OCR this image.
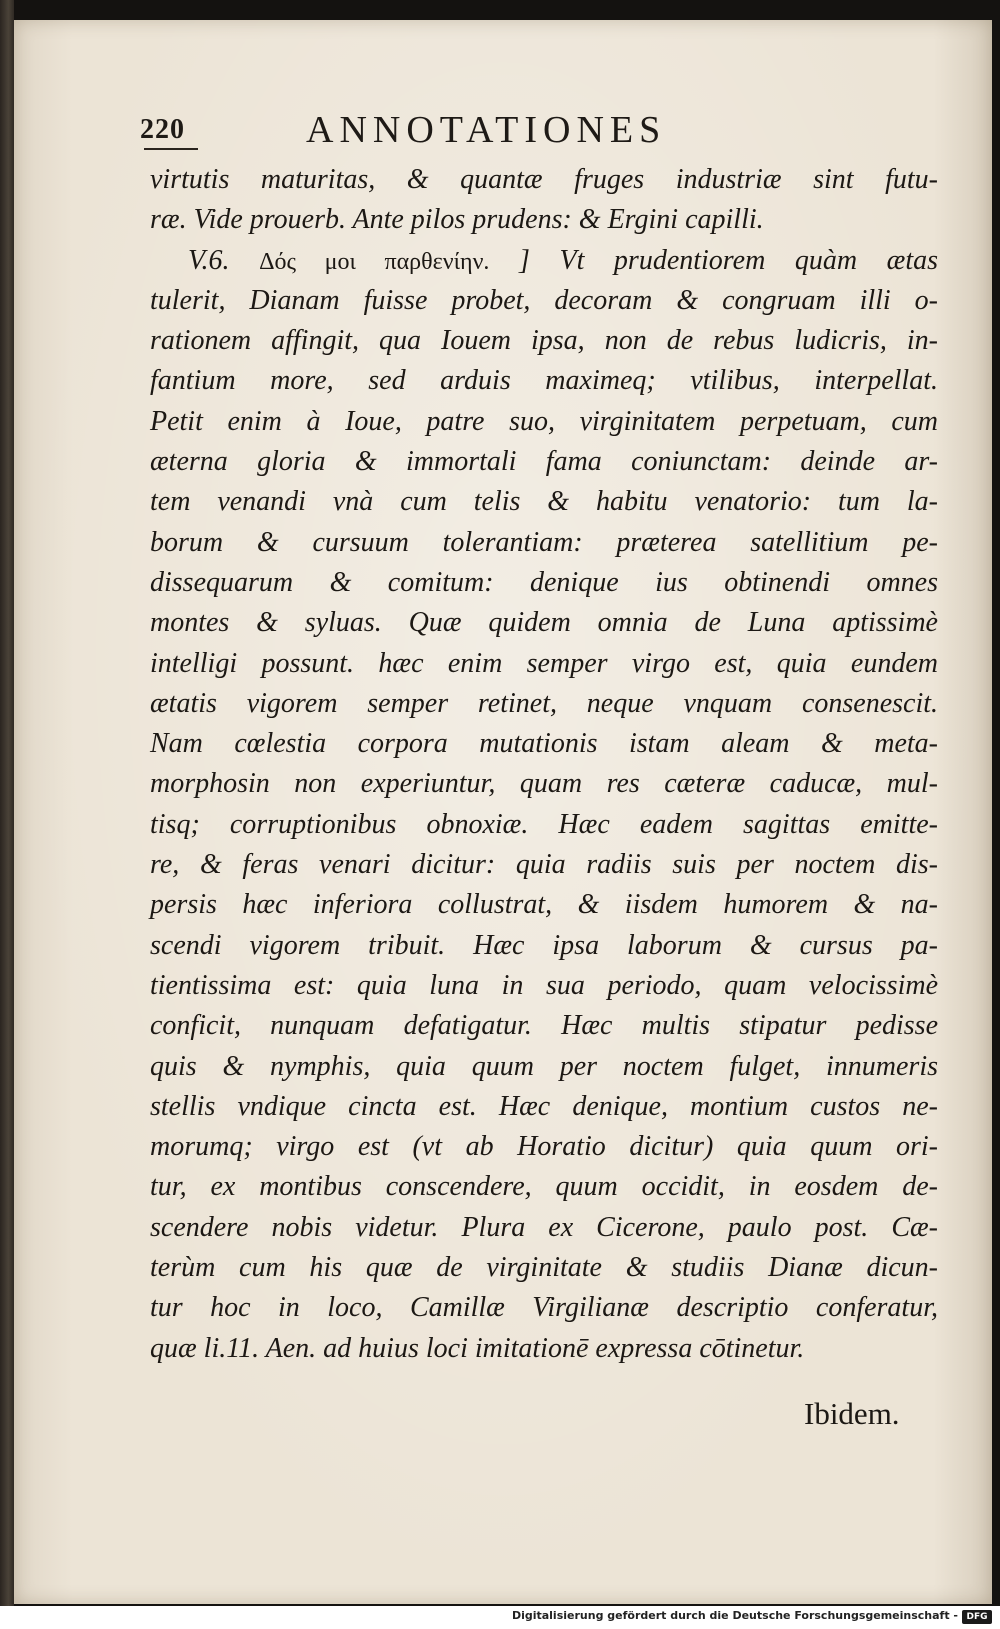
220	ANNOTATIONES
virtutis maturitas, & quantæ fruges industriæ sint futu-
ræ. Vide prouerb. Ante pilos prudens: & Ergini capilli.
V.6. Δός μοι παρθενίην. ] Vt prudentiorem quàm ætas
tulerit, Dianam fuisse probet, decoram & congruam illi o-
rationem affingit, qua Iouem ipsa, non de rebus ludicris, in-
fantium more, sed arduis maximeq; vtilibus, interpellat.
Petit enim à Ioue, patre suo, virginitatem perpetuam, cum
æterna gloria & immortali fama coniunctam: deinde ar-
tem venandi vnà cum telis & habitu venatorio: tum la-
borum & cursuum tolerantiam: præterea satellitium pe-
dissequarum & comitum: denique ius obtinendi omnes
montes & syluas. Quæ quidem omnia de Luna aptissimè
intelligi possunt. hæc enim semper virgo est, quia eundem
ætatis vigorem semper retinet, neque vnquam consenescit.
Nam cœlestia corpora mutationis istam aleam & meta-
morphosin non experiuntur, quam res cæteræ caducæ, mul-
tisq; corruptionibus obnoxiæ. Hæc eadem sagittas emitte-
re, & feras venari dicitur: quia radiis suis per noctem dis-
persis hæc inferiora collustrat, & iisdem humorem & na-
scendi vigorem tribuit. Hæc ipsa laborum & cursus pa-
tientissima est: quia luna in sua periodo, quam velocissimè
conficit, nunquam defatigatur. Hæc multis stipatur pedisse
quis & nymphis, quia quum per noctem fulget, innumeris
stellis vndique cincta est. Hæc denique, montium custos ne-
morumq; virgo est (vt ab Horatio dicitur) quia quum ori-
tur, ex montibus conscendere, quum occidit, in eosdem de-
scendere nobis videtur. Plura ex Cicerone, paulo post. Cæ-
terùm cum his quæ de virginitate & studiis Dianæ dicun-
tur hoc in loco, Camillæ Virgilianæ descriptio conferatur,
quæ li.11. Aen. ad huius loci imitationē expressa cōtinetur.
Ibidem.
Digitalisierung gefördert durch die Deutsche Forschungsgemeinschaft - DFG
